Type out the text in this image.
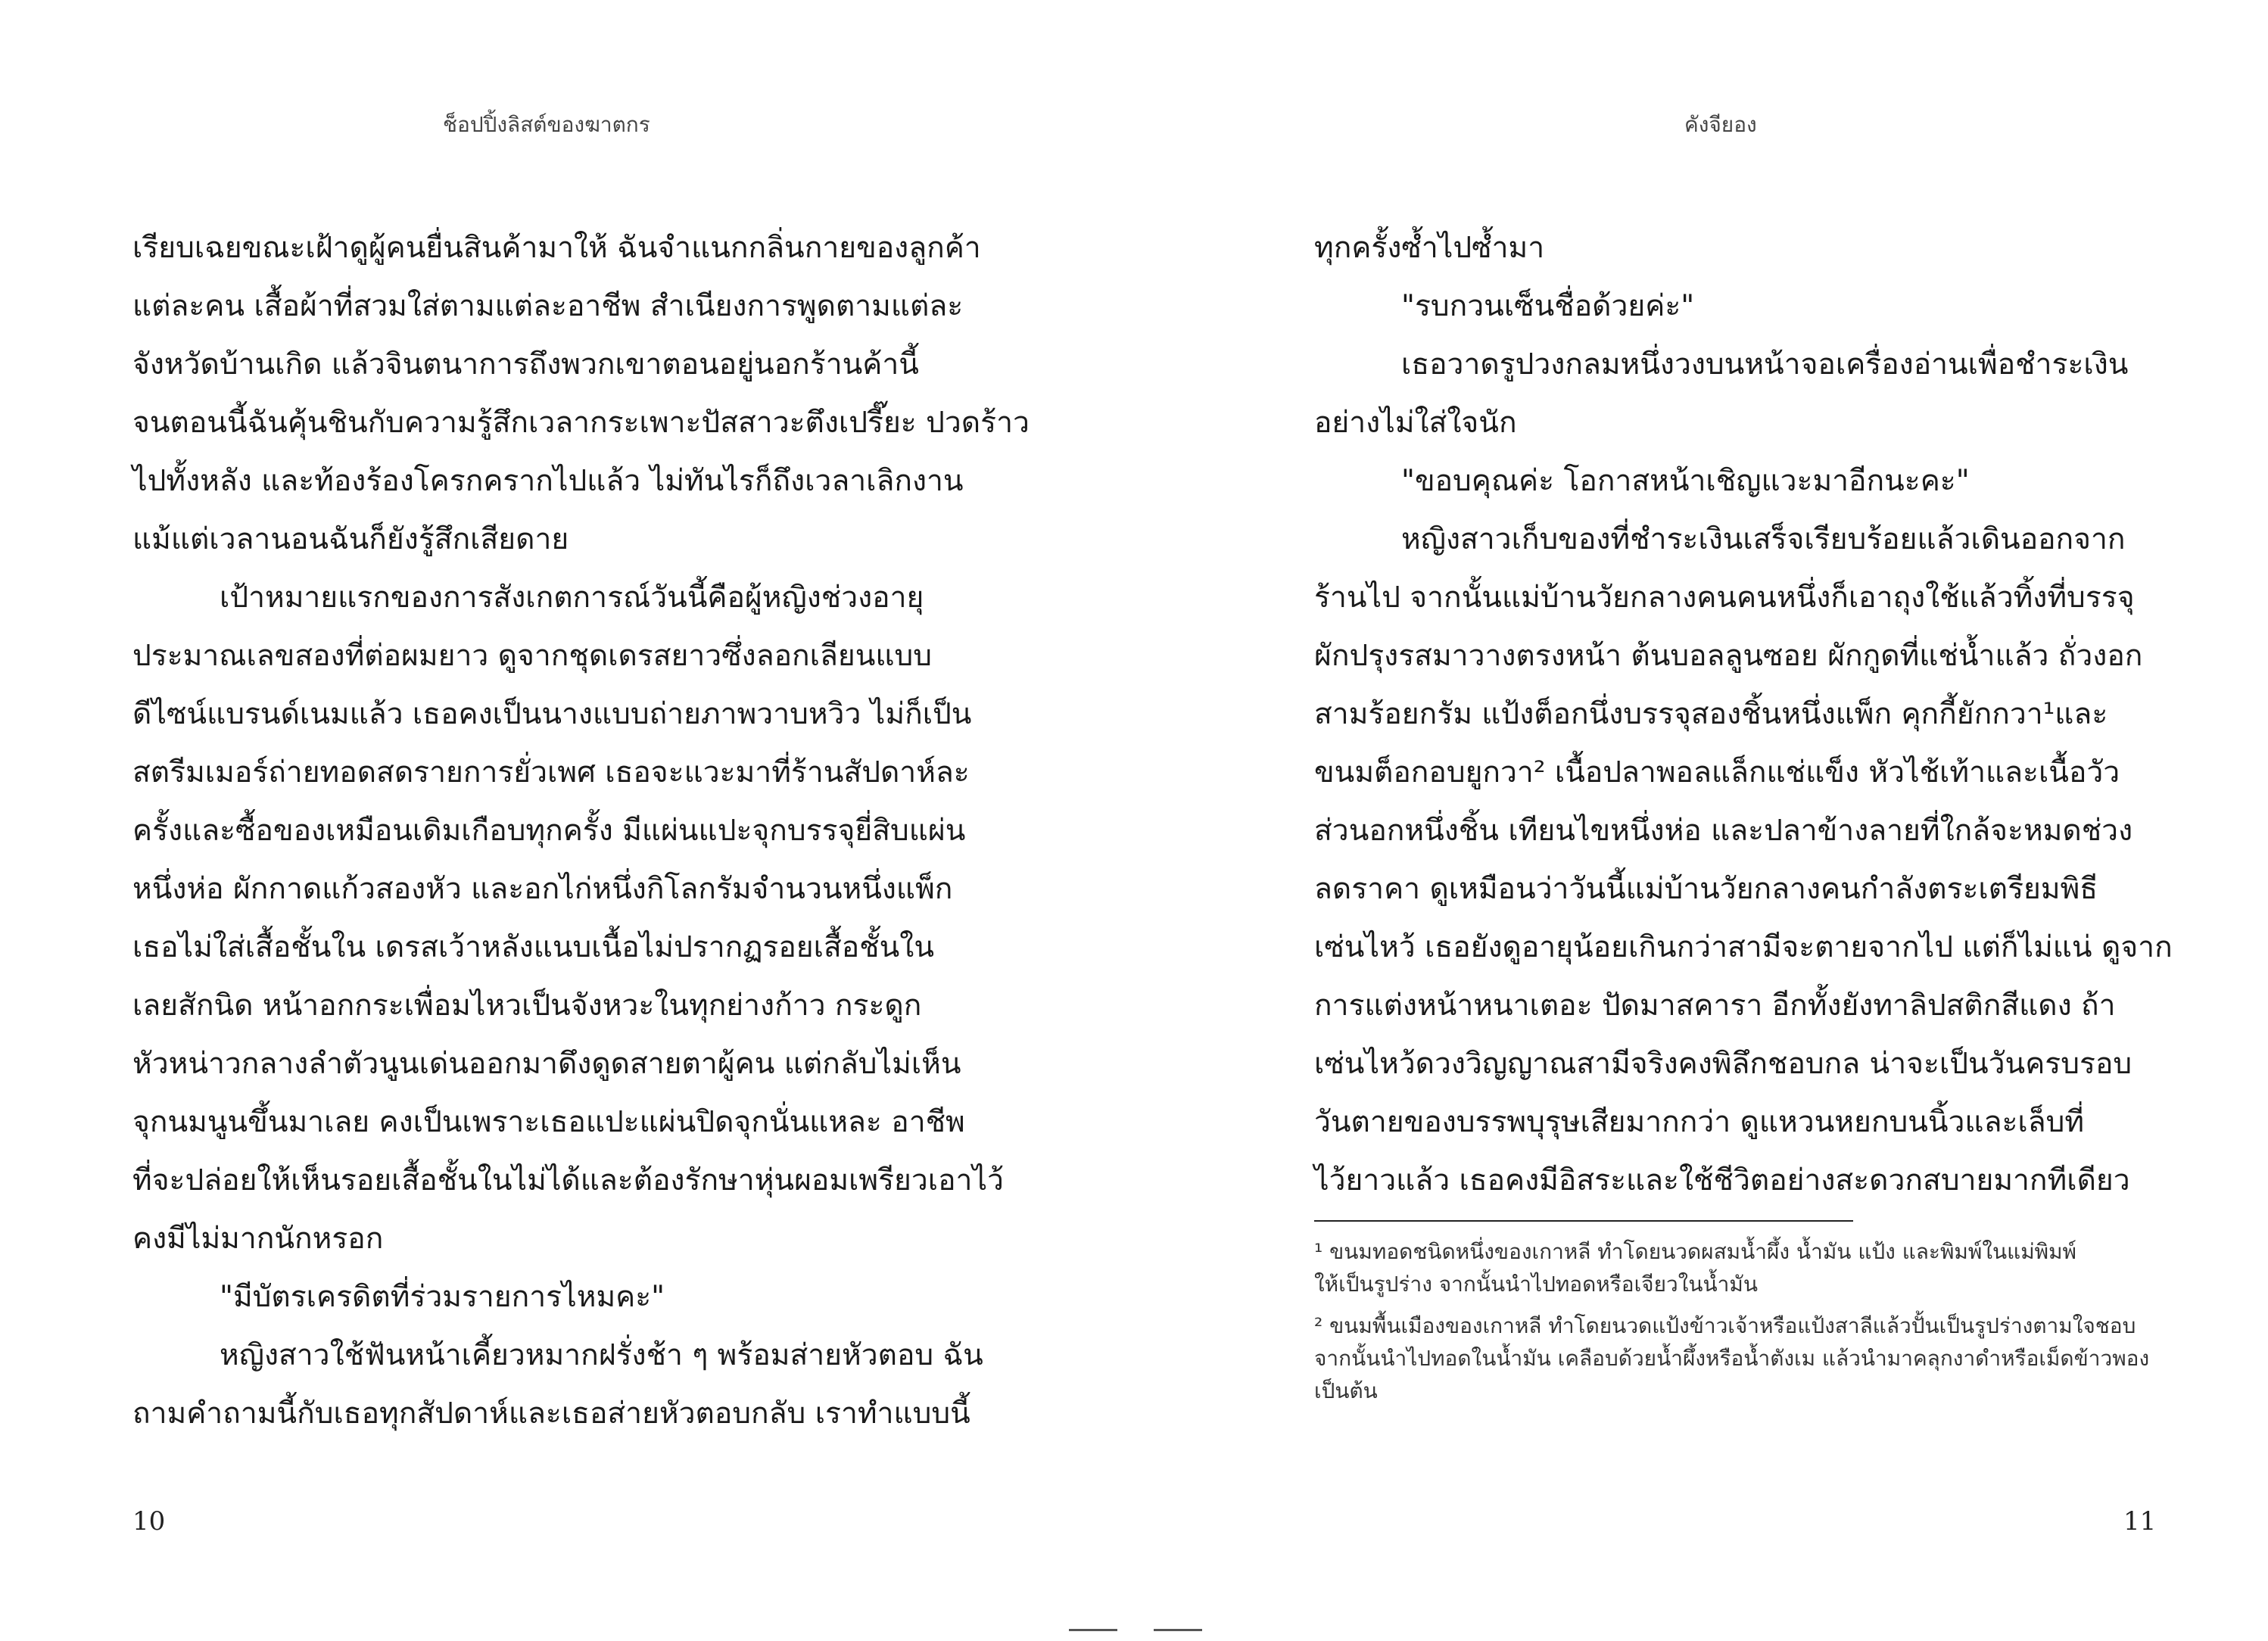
ช็อปปิ้งลิสต์ของฆาตกร
เรียบเฉยขณะเฝ้าดูผู้คนยื่นสินค้ามาให้ ฉันจำแนกกลิ่นกายของลูกค้า
แต่ละคน เสื้อผ้าที่สวมใส่ตามแต่ละอาชีพ สำเนียงการพูดตามแต่ละ
จังหวัดบ้านเกิด แล้วจินตนาการถึงพวกเขาตอนอยู่นอกร้านค้านี้
จนตอนนี้ฉันคุ้นชินกับความรู้สึกเวลากระเพาะปัสสาวะตึงเปรี๊ยะ ปวดร้าว
ไปทั้งหลัง และท้องร้องโครกครากไปแล้ว ไม่ทันไรก็ถึงเวลาเลิกงาน
แม้แต่เวลานอนฉันก็ยังรู้สึกเสียดาย
เป้าหมายแรกของการสังเกตการณ์วันนี้คือผู้หญิงช่วงอายุ
ประมาณเลขสองที่ต่อผมยาว ดูจากชุดเดรสยาวซึ่งลอกเลียนแบบ
ดีไซน์แบรนด์เนมแล้ว เธอคงเป็นนางแบบถ่ายภาพวาบหวิว ไม่ก็เป็น
สตรีมเมอร์ถ่ายทอดสดรายการยั่วเพศ เธอจะแวะมาที่ร้านสัปดาห์ละ
ครั้งและซื้อของเหมือนเดิมเกือบทุกครั้ง มีแผ่นแปะจุกบรรจุยี่สิบแผ่น
หนึ่งห่อ ผักกาดแก้วสองหัว และอกไก่หนึ่งกิโลกรัมจำนวนหนึ่งแพ็ก
เธอไม่ใส่เสื้อชั้นใน เดรสเว้าหลังแนบเนื้อไม่ปรากฏรอยเสื้อชั้นใน
เลยสักนิด หน้าอกกระเพื่อมไหวเป็นจังหวะในทุกย่างก้าว กระดูก
หัวหน่าวกลางลำตัวนูนเด่นออกมาดึงดูดสายตาผู้คน แต่กลับไม่เห็น
จุกนมนูนขึ้นมาเลย คงเป็นเพราะเธอแปะแผ่นปิดจุกนั่นแหละ อาชีพ
ที่จะปล่อยให้เห็นรอยเสื้อชั้นในไม่ได้และต้องรักษาหุ่นผอมเพรียวเอาไว้
คงมีไม่มากนักหรอก
"มีบัตรเครดิตที่ร่วมรายการไหมคะ"
หญิงสาวใช้ฟันหน้าเคี้ยวหมากฝรั่งช้า ๆ พร้อมส่ายหัวตอบ ฉัน
ถามคำถามนี้กับเธอทุกสัปดาห์และเธอส่ายหัวตอบกลับ เราทำแบบนี้
10
คังจียอง
ทุกครั้งซ้ำไปซ้ำมา
"รบกวนเซ็นชื่อด้วยค่ะ"
เธอวาดรูปวงกลมหนึ่งวงบนหน้าจอเครื่องอ่านเพื่อชำระเงิน
อย่างไม่ใส่ใจนัก
"ขอบคุณค่ะ โอกาสหน้าเชิญแวะมาอีกนะคะ"
หญิงสาวเก็บของที่ชำระเงินเสร็จเรียบร้อยแล้วเดินออกจาก
ร้านไป จากนั้นแม่บ้านวัยกลางคนคนหนึ่งก็เอาถุงใช้แล้วทิ้งที่บรรจุ
ผักปรุงรสมาวางตรงหน้า ต้นบอลลูนซอย ผักกูดที่แช่น้ำแล้ว ถั่วงอก
สามร้อยกรัม แป้งต็อกนึ่งบรรจุสองชิ้นหนึ่งแพ็ก คุกกี้ยักกวา¹และ
ขนมต็อกอบยูกวา² เนื้อปลาพอลแล็กแช่แข็ง หัวไช้เท้าและเนื้อวัว
ส่วนอกหนึ่งชิ้น เทียนไขหนึ่งห่อ และปลาข้างลายที่ใกล้จะหมดช่วง
ลดราคา ดูเหมือนว่าวันนี้แม่บ้านวัยกลางคนกำลังตระเตรียมพิธี
เซ่นไหว้ เธอยังดูอายุน้อยเกินกว่าสามีจะตายจากไป แต่ก็ไม่แน่ ดูจาก
การแต่งหน้าหนาเตอะ ปัดมาสคารา อีกทั้งยังทาลิปสติกสีแดง ถ้า
เซ่นไหว้ดวงวิญญาณสามีจริงคงพิลึกชอบกล น่าจะเป็นวันครบรอบ
วันตายของบรรพบุรุษเสียมากกว่า ดูแหวนหยกบนนิ้วและเล็บที่
ไว้ยาวแล้ว เธอคงมีอิสระและใช้ชีวิตอย่างสะดวกสบายมากทีเดียว
¹ ขนมทอดชนิดหนึ่งของเกาหลี ทำโดยนวดผสมน้ำผึ้ง น้ำมัน แป้ง และพิมพ์ในแม่พิมพ์
ให้เป็นรูปร่าง จากนั้นนำไปทอดหรือเจียวในน้ำมัน
² ขนมพื้นเมืองของเกาหลี ทำโดยนวดแป้งข้าวเจ้าหรือแป้งสาลีแล้วปั้นเป็นรูปร่างตามใจชอบ
จากนั้นนำไปทอดในน้ำมัน เคลือบด้วยน้ำผึ้งหรือน้ำตังเม แล้วนำมาคลุกงาดำหรือเม็ดข้าวพอง
เป็นต้น
11
